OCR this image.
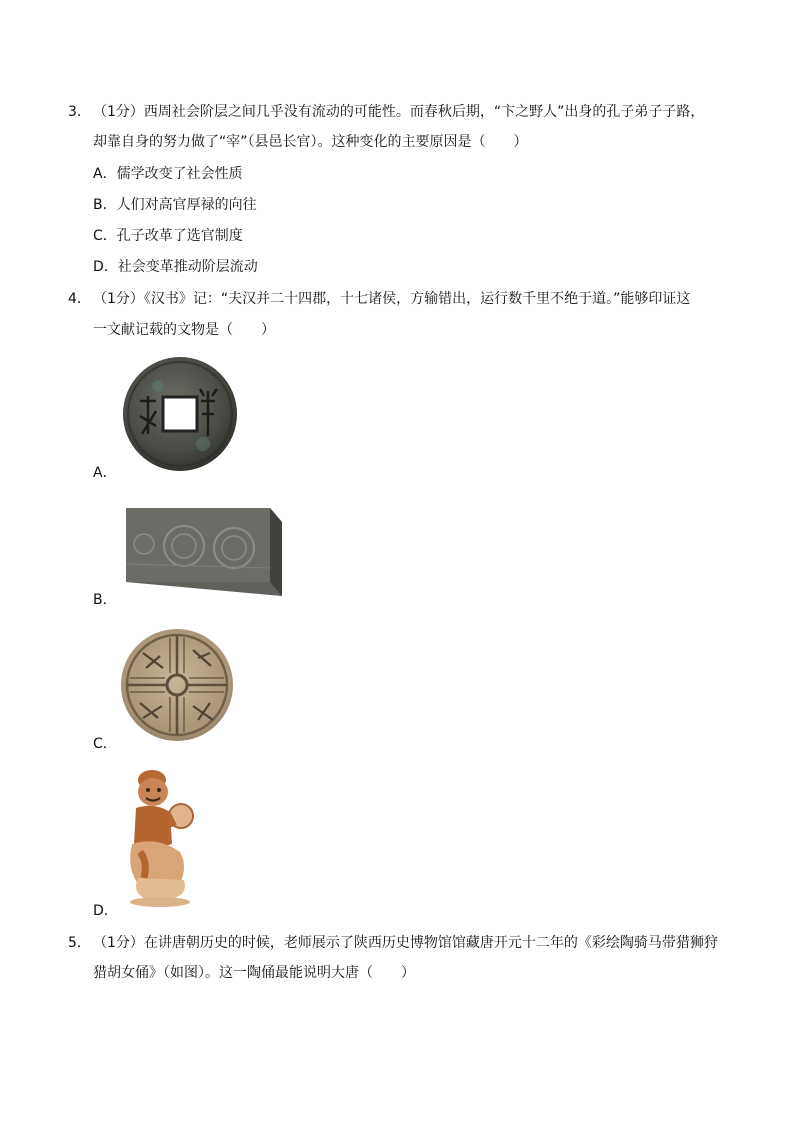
3． （1分）西周社会阶层之间几乎没有流动的可能性。而春秋后期，“卞之野人”出身的孔子弟子子路，
却靠自身的努力做了“宰”（县邑长官）。这种变化的主要原因是（　　）
A．儒学改变了社会性质
B．人们对高官厚禄的向往
C．孔子改革了选官制度
D．社会变革推动阶层流动
4． （1分）《汉书》记：“夫汉并二十四郡，十七诸侯，方输错出，运行数千里不绝于道。”能够印证这
一文献记载的文物是（　　）
A．
B．
C．
D．
5． （1分）在讲唐朝历史的时候，老师展示了陕西历史博物馆馆藏唐开元十二年的《彩绘陶骑马带猎狮狩
猎胡女俑》（如图）。这一陶俑最能说明大唐（　　）
